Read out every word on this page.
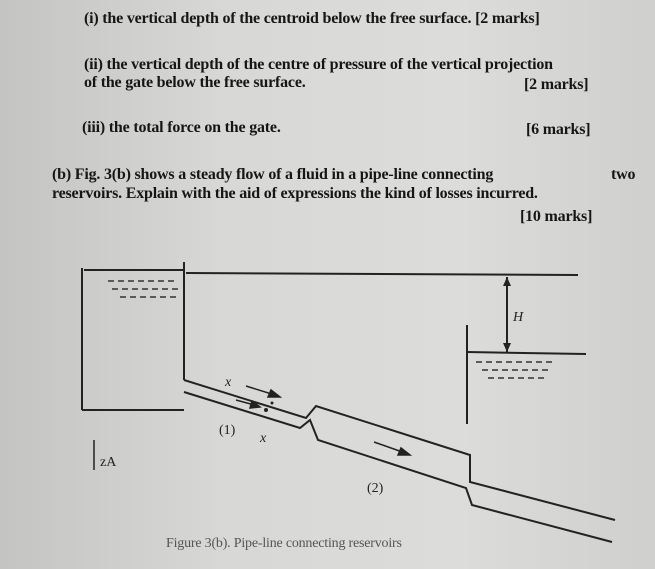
(i) the vertical depth of the centroid below the free surface. [2 marks]
(ii) the vertical depth of the centre of pressure of the vertical projection
of the gate below the free surface.	[2 marks]
(iii) the total force on the gate.	[6 marks]
(b) Fig. 3(b) shows a steady flow of a fluid in a pipe-line connecting	two
reservoirs. Explain with the aid of expressions the kind of losses incurred.
[10 marks]
H
zA
(1)
(2)
x
x
Figure 3(b). Pipe-line connecting reservoirs
